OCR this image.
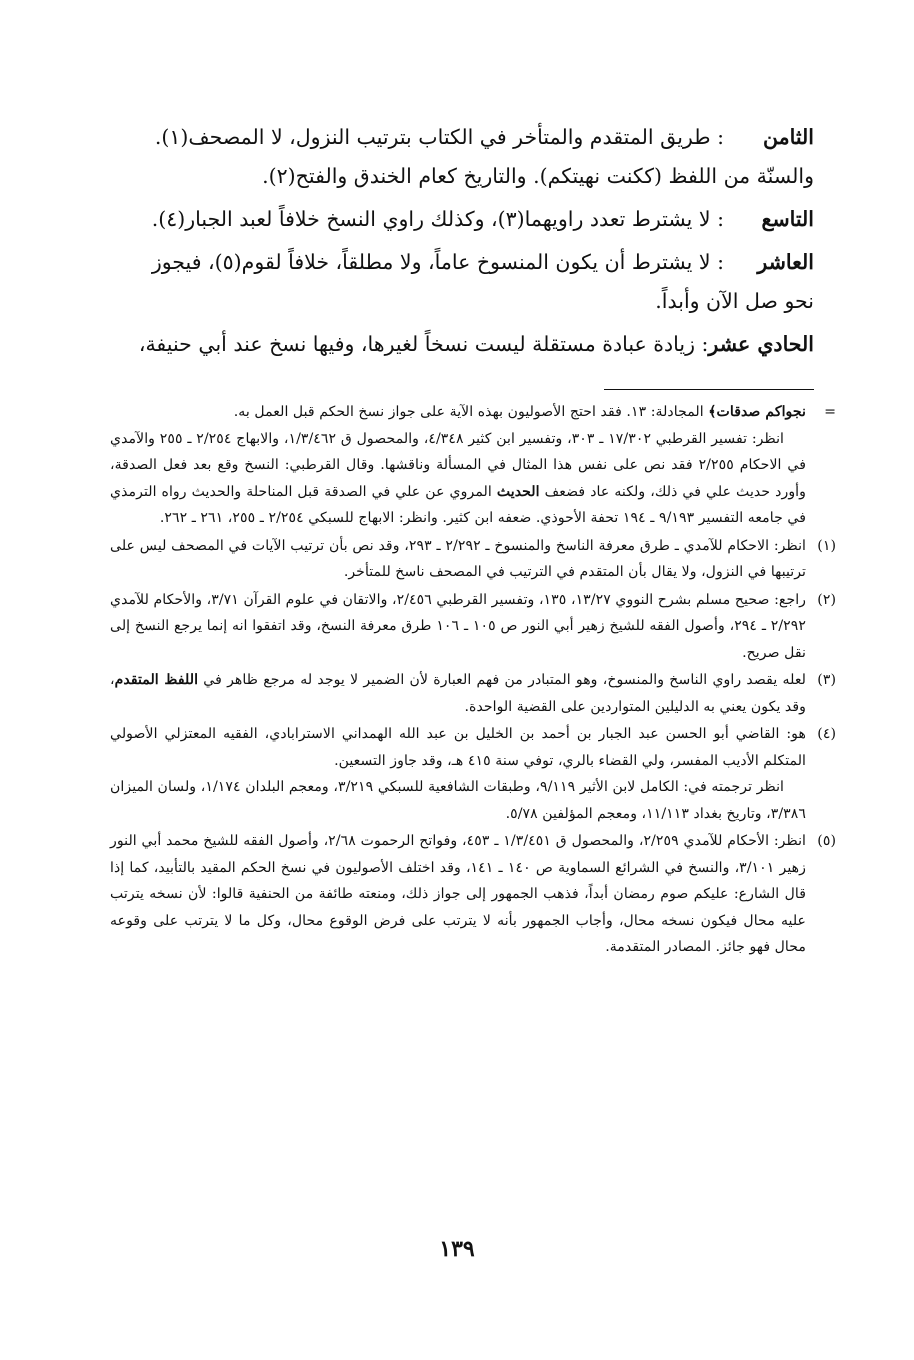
الثامن: طريق المتقدم والمتأخر في الكتاب بترتيب النزول، لا المصحف(١).
والسنّة من اللفظ (ككنت نهيتكم). والتاريخ كعام الخندق والفتح(٢).
التاسع: لا يشترط تعدد راويهما(٣)، وكذلك راوي النسخ خلافاً لعبد الجبار(٤).
العاشر: لا يشترط أن يكون المنسوخ عاماً، ولا مطلقاً، خلافاً لقوم(٥)، فيجوز
نحو صل الآن وأبداً.
الحادي عشر: زيادة عبادة مستقلة ليست نسخاً لغيرها، وفيها نسخ عند أبي حنيفة،
=

نجواكم صدقات﴾ المجادلة: ١٣. فقد احتج الأصوليون بهذه الآية على جواز نسخ الحكم قبل العمل به.

انظر: تفسير القرطبي ١٧/٣٠٢ ـ ٣٠٣، وتفسير ابن كثير ٤/٣٤٨، والمحصول ق ١/٣/٤٦٢، والابهاج ٢/٢٥٤ ـ ٢٥٥ والآمدي في الاحكام ٢/٢٥٥ فقد نص على نفس هذا المثال في المسألة وناقشها. وقال القرطبي: النسخ وقع بعد فعل الصدقة، وأورد حديث علي في ذلك، ولكنه عاد فضعف الحديث المروي عن علي في الصدقة قبل المناحلة والحديث رواه الترمذي في جامعه التفسير ٩/١٩٣ ـ ١٩٤ تحفة الأحوذي. ضعفه ابن كثير. وانظر: الابهاج للسبكي ٢/٢٥٤ ـ ٢٥٥، ٢٦١ ـ ٢٦٢.

(١)

انظر: الاحكام للآمدي ـ طرق معرفة الناسخ والمنسوخ ـ ٢/٢٩٢ ـ ٢٩٣، وقد نص بأن ترتيب الآيات في المصحف ليس على ترتيبها في النزول، ولا يقال بأن المتقدم في الترتيب في المصحف ناسخ للمتأخر.

(٢)

راجع: صحيح مسلم بشرح النووي ١٣/٢٧، ١٣٥، وتفسير القرطبي ٢/٤٥٦، والاتقان في علوم القرآن ٣/٧١، والأحكام للآمدي ٢/٢٩٢ ـ ٢٩٤، وأصول الفقه للشيخ زهير أبي النور ص ١٠٥ ـ ١٠٦ طرق معرفة النسخ، وقد اتفقوا انه إنما يرجع النسخ إلى نقل صريح.

(٣)

لعله يقصد راوي الناسخ والمنسوخ، وهو المتبادر من فهم العبارة لأن الضمير لا يوجد له مرجع ظاهر في اللفظ المتقدم، وقد يكون يعني به الدليلين المتواردين على القضية الواحدة.

(٤)

هو: القاضي أبو الحسن عبد الجبار بن أحمد بن الخليل بن عبد الله الهمداني الاسترابادي، الفقيه المعتزلي الأصولي المتكلم الأديب المفسر، ولي القضاء بالري، توفي سنة ٤١٥ هـ، وقد جاوز التسعين.

انظر ترجمته في: الكامل لابن الأثير ٩/١١٩، وطبقات الشافعية للسبكي ٣/٢١٩، ومعجم البلدان ١/١٧٤، ولسان الميزان ٣/٣٨٦، وتاريخ بغداد ١١/١١٣، ومعجم المؤلفين ٥/٧٨.

(٥)

انظر: الأحكام للآمدي ٢/٢٥٩، والمحصول ق ١/٣/٤٥١ ـ ٤٥٣، وفواتح الرحموت ٢/٦٨، وأصول الفقه للشيخ محمد أبي النور زهير ٣/١٠١، والنسخ في الشرائع السماوية ص ١٤٠ ـ ١٤١، وقد اختلف الأصوليون في نسخ الحكم المقيد بالتأبيد، كما إذا قال الشارع: عليكم صوم رمضان أبداً، فذهب الجمهور إلى جواز ذلك، ومنعته طائفة من الحنفية قالوا: لأن نسخه يترتب عليه محال فيكون نسخه محال، وأجاب الجمهور بأنه لا يترتب على فرض الوقوع محال، وكل ما لا يترتب على وقوعه محال فهو جائز. المصادر المتقدمة.

١٣٩
